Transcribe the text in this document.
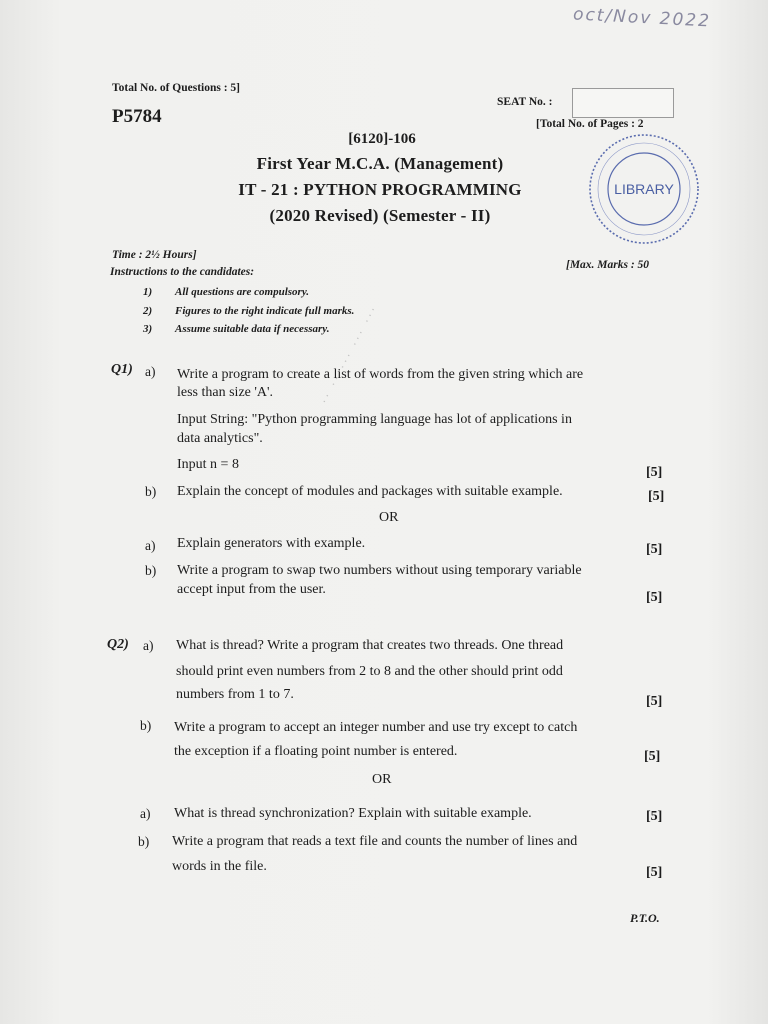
oct/Nov 2022
Total No. of Questions : 5]
P5784
SEAT No. :
[Total No. of Pages : 2
[6120]-106
First Year M.C.A. (Management)
IT - 21 : PYTHON PROGRAMMING
(2020 Revised) (Semester - II)
LIBRARY
Time : 2½ Hours]
[Max. Marks : 50
Instructions to the candidates:
1) All questions are compulsory.
2) Figures to the right indicate full marks.
3) Assume suitable data if necessary.
·· ·· ··· ··· ···
Q1) a) Write a program to create a list of words from the given string which are
less than size 'A'.
Input String: "Python programming language has lot of applications in
data analytics".
Input n = 8
[5]
b) Explain the concept of modules and packages with suitable example.	[5]
OR
a) Explain generators with example.	[5]
b) Write a program to swap two numbers without using temporary variable
accept input from the user.
[5]
Q2) a) What is thread? Write a program that creates two threads. One thread
should print even numbers from 2 to 8 and the other should print odd
numbers from 1 to 7.	[5]
b) Write a program to accept an integer number and use try except to catch
the exception if a floating point number is entered.	[5]
OR
a) What is thread synchronization? Explain with suitable example.	[5]
b) Write a program that reads a text file and counts the number of lines and
words in the file.	[5]
P.T.O.
